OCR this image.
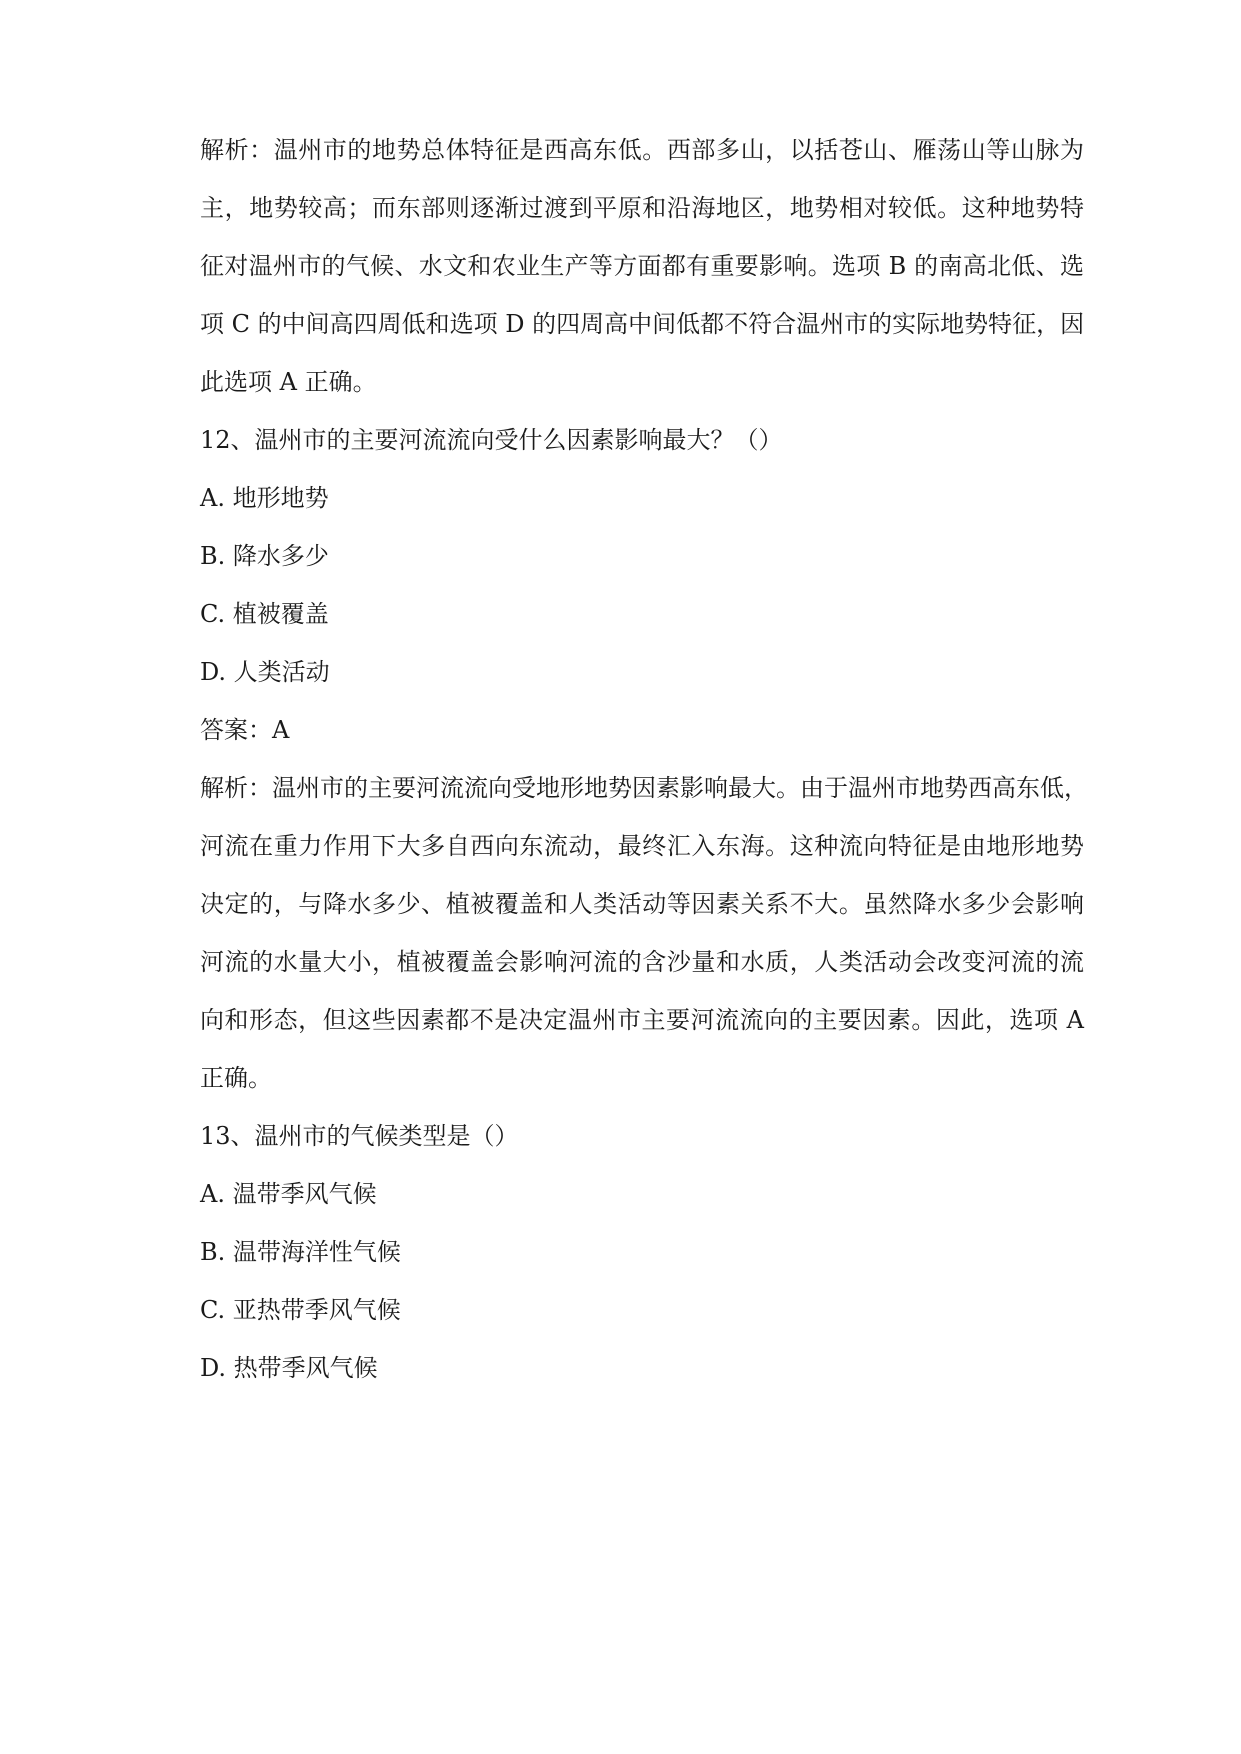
解析：温州市的地势总体特征是西高东低。西部多山，以括苍山、雁荡山等山脉为
主，地势较高；而东部则逐渐过渡到平原和沿海地区，地势相对较低。这种地势特
征对温州市的气候、水文和农业生产等方面都有重要影响。选项 B 的南高北低、选
项 C 的中间高四周低和选项 D 的四周高中间低都不符合温州市的实际地势特征，因
此选项 A 正确。
12、温州市的主要河流流向受什么因素影响最大？（）
A. 地形地势
B. 降水多少
C. 植被覆盖
D. 人类活动
答案：A
解析：温州市的主要河流流向受地形地势因素影响最大。由于温州市地势西高东低，
河流在重力作用下大多自西向东流动，最终汇入东海。这种流向特征是由地形地势
决定的，与降水多少、植被覆盖和人类活动等因素关系不大。虽然降水多少会影响
河流的水量大小，植被覆盖会影响河流的含沙量和水质，人类活动会改变河流的流
向和形态，但这些因素都不是决定温州市主要河流流向的主要因素。因此，选项 A
正确。
13、温州市的气候类型是（）
A. 温带季风气候
B. 温带海洋性气候
C. 亚热带季风气候
D. 热带季风气候
